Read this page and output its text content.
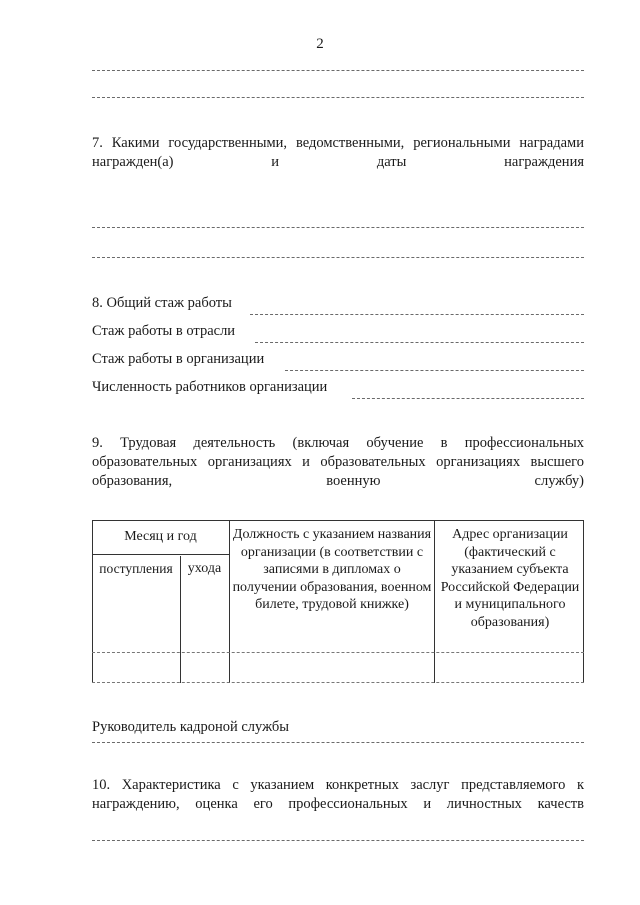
2
7. Какими государственными, ведомственными, региональными наградами награжден(а) и даты награждения
8. Общий стаж работы
Стаж работы в отрасли
Стаж работы в организации
Численность работников организации
9. Трудовая деятельность (включая обучение в профессиональных образовательных организациях и образовательных организациях высшего образования, военную службу)
Месяц и год
поступления	ухода
Должность с указанием названия организации (в соответствии с записями в дипломах о получении образования, военном билете, трудовой книжке)
Адрес организации (фактический с указанием субъекта Российской Федерации и муниципального образования)
Руководитель кадроной службы
10. Характеристика с указанием конкретных заслуг представляемого к награждению, оценка его профессиональных и личностных качеств
